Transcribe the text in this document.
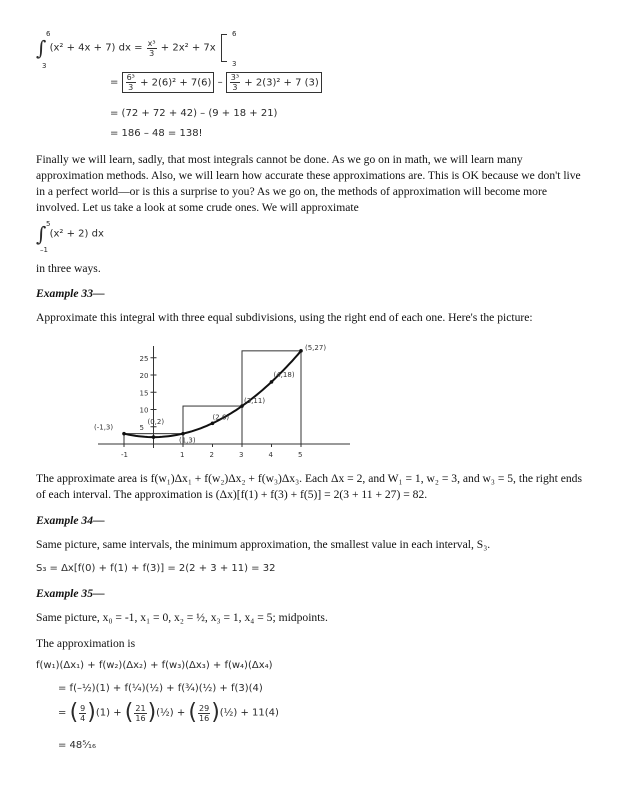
∫
6
3
(x² + 4x + 7) dx = $\frac{\text{x³}}{3} + 2x^2 + 7x$
6
3
= $\frac{\text{6³}}{3} + 2(6)^2 + 7(6) - \frac{\text{3³}}{3} + 2(3)^2 + 7$ (3)
= (72 + 72 + 42) – (9 + 18 + 21)
= 186 – 48 = 138!
Finally we will learn, sadly, that most integrals cannot be done. As we go on in math, we will learn many approximation methods. Also, we will learn how accurate these approximations are. This is OK because we don't live in a perfect world—or is this a surprise to you? As we go on, the methods of approximation will become more involved. Let us take a look at some crude ones. We will approximate
∫ (x² + 2) dx
5
–1
in three ways.
Example 33—
Approximate this integral with three equal subdivisions, using the right end of each one. Here's the picture:
-1	1	2	3	4	5
5
10
15
20
25
(-1,3)
(0,2)
(1,3)
(2,6)
(3,11)
(4,18)
(5,27)
The approximate area is f(w₁)Δx₁ + f(w₂)Δx₂ + f(w₃)Δx₃. Each Δx = 2, and W₁ = 1, w₂ = 3, and w₃ = 5, the right ends of each interval. The approximation is (Δx)[f(1) + f(3) + f(5)] = 2(3 + 11 + 27) = 82.
Example 34—
Same picture, same intervals, the minimum approximation, the smallest value in each interval, S₃.
S₃ = Δx[f(0) + f(1) + f(3)] = 2(2 + 3 + 11) = 32
Example 35—
Same picture, x₀ = -1, x₁ = 0, x₂ = ½, x₃ = 1, x₄ = 5; midpoints.
The approximation is
f(w₁)(Δx₁) + f(w₂)(Δx₂) + f(w₃)(Δx₃) + f(w₄)(Δx₄)
= f(–½)(1) + f(¼)(½) + f(¾)(½) + f(3)(4)
= ( $\frac{9}{4} )(1)$ + ( $\frac{21}{16}$ )(½) + ( $\frac{29}{16}$ )(½) + 11(4)
= 48⁵⁄₁₆
